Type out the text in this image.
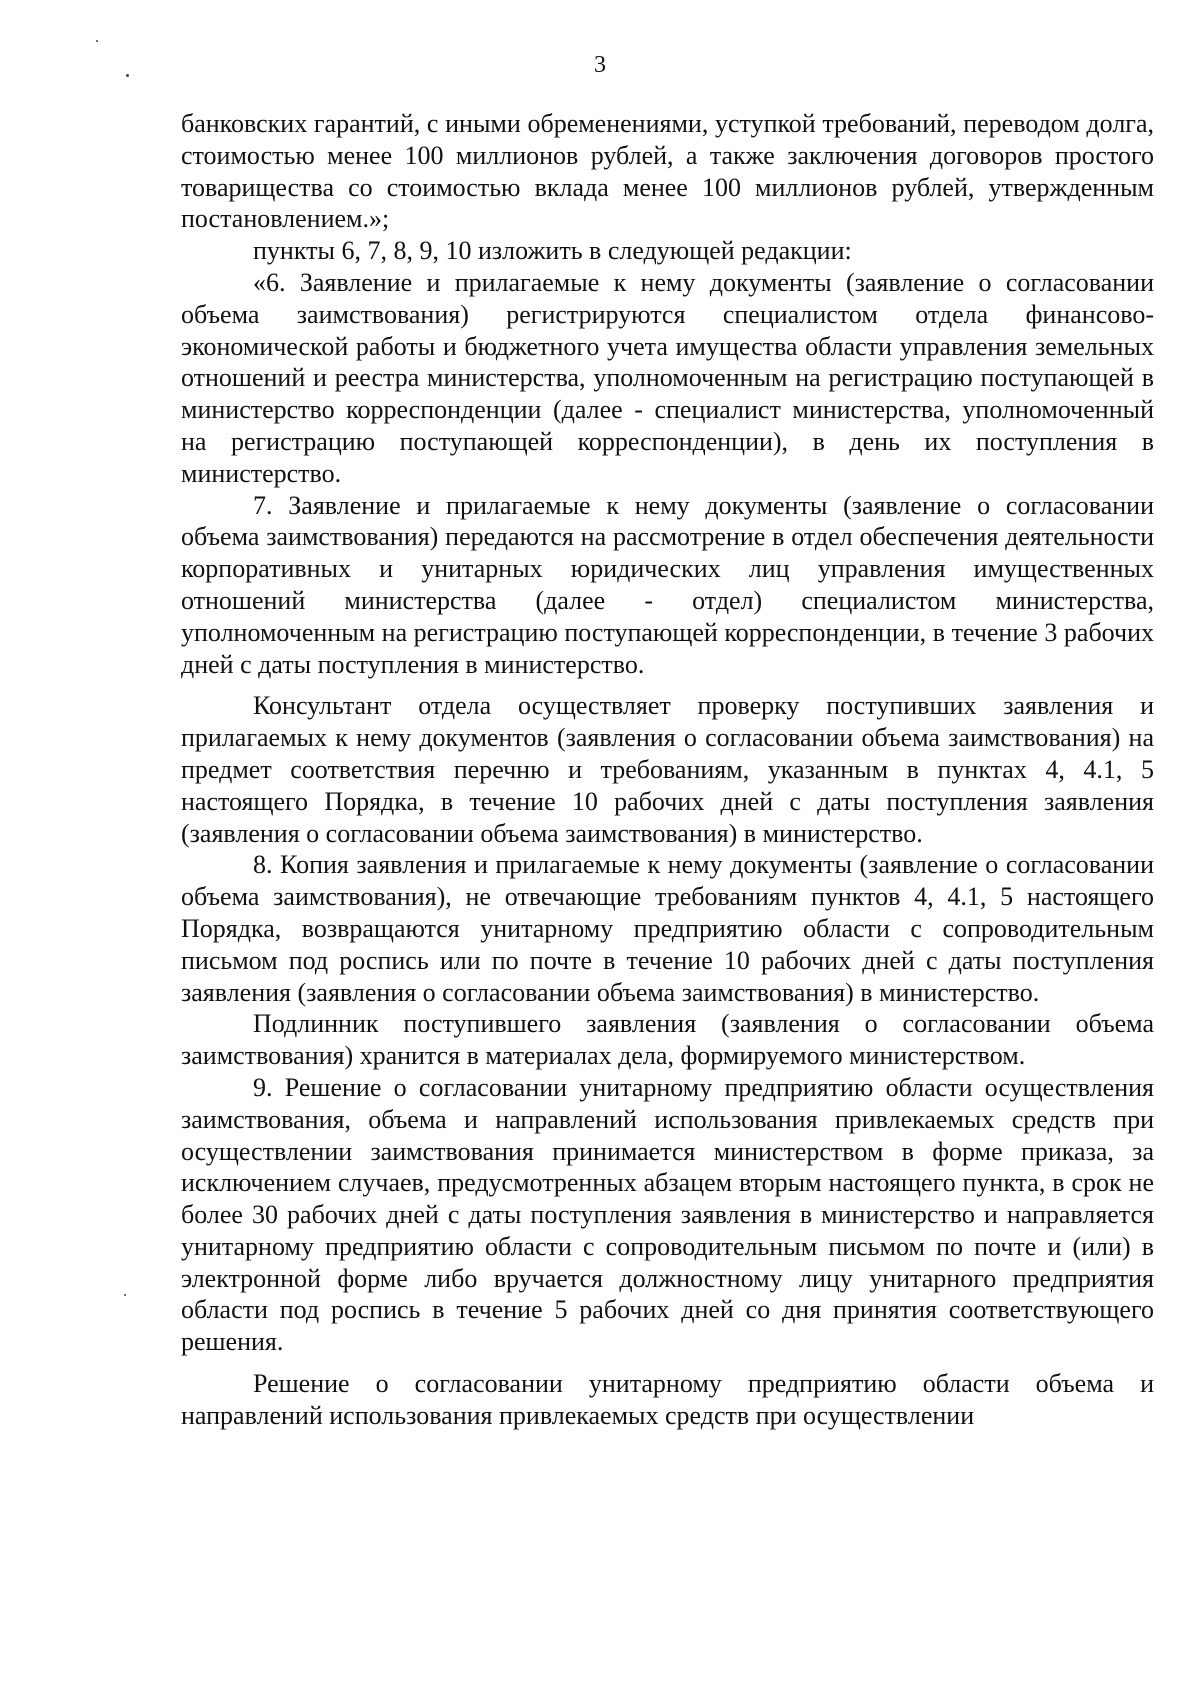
3

банковских гарантий, с иными обременениями, уступкой требований, переводом долга, стоимостью менее 100 миллионов рублей, а также заключения договоров простого товарищества со стоимостью вклада менее 100 миллионов рублей, утвержденным постановлением.»;

пункты 6, 7, 8, 9, 10 изложить в следующей редакции:

«6. Заявление и прилагаемые к нему документы (заявление о согласовании объема заимствования) регистрируются специалистом отдела финансово-экономической работы и бюджетного учета имущества области управления земельных отношений и реестра министерства, уполномоченным на регистрацию поступающей в министерство корреспонденции (далее - специалист министерства, уполномоченный на регистрацию поступающей корреспонденции), в день их поступления в министерство.

7. Заявление и прилагаемые к нему документы (заявление о согласовании объема заимствования) передаются на рассмотрение в отдел обеспечения деятельности корпоративных и унитарных юридических лиц управления имущественных отношений министерства (далее - отдел) специалистом министерства, уполномоченным на регистрацию поступающей корреспонденции, в течение 3 рабочих дней с даты поступления в министерство.

Консультант отдела осуществляет проверку поступивших заявления и прилагаемых к нему документов (заявления о согласовании объема заимствования) на предмет соответствия перечню и требованиям, указанным в пунктах 4, 4.1, 5 настоящего Порядка, в течение 10 рабочих дней с даты поступления заявления (заявления о согласовании объема заимствования) в министерство.

8. Копия заявления и прилагаемые к нему документы (заявление о согласовании объема заимствования), не отвечающие требованиям пунктов 4, 4.1, 5 настоящего Порядка, возвращаются унитарному предприятию области с сопроводительным письмом под роспись или по почте в течение 10 рабочих дней с даты поступления заявления (заявления о согласовании объема заимствования) в министерство.

Подлинник поступившего заявления (заявления о согласовании объема заимствования) хранится в материалах дела, формируемого министерством.

9. Решение о согласовании унитарному предприятию области осуществления заимствования, объема и направлений использования привлекаемых средств при осуществлении заимствования принимается министерством в форме приказа, за исключением случаев, предусмотренных абзацем вторым настоящего пункта, в срок не более 30 рабочих дней с даты поступления заявления в министерство и направляется унитарному предприятию области с сопроводительным письмом по почте и (или) в электронной форме либо вручается должностному лицу унитарного предприятия области под роспись в течение 5 рабочих дней со дня принятия соответствующего решения.

Решение о согласовании унитарному предприятию области объема и направлений использования привлекаемых средств при осуществлении
